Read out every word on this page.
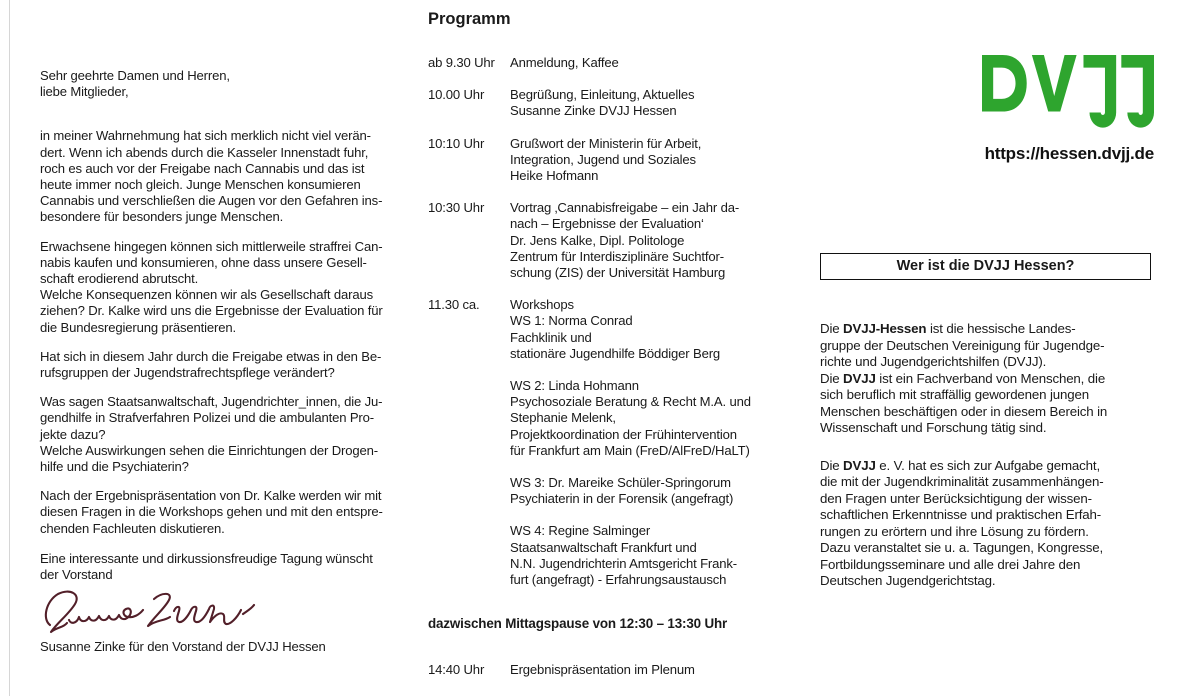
Sehr geehrte Damen und Herren,
liebe Mitglieder,
in meiner Wahrnehmung hat sich merklich nicht viel verän-
dert. Wenn ich abends durch die Kasseler Innenstadt fuhr,
roch es auch vor der Freigabe nach Cannabis und das ist
heute immer noch gleich. Junge Menschen konsumieren
Cannabis und verschließen die Augen vor den Gefahren ins-
besondere für besonders junge Menschen.
Erwachsene hingegen können sich mittlerweile straffrei Can-
nabis kaufen und konsumieren, ohne dass unsere Gesell-
schaft erodierend abrutscht.
Welche Konsequenzen können wir als Gesellschaft daraus
ziehen? Dr. Kalke wird uns die Ergebnisse der Evaluation für
die Bundesregierung präsentieren.
Hat sich in diesem Jahr durch die Freigabe etwas in den Be-
rufsgruppen der Jugendstrafrechtspflege verändert?
Was sagen Staatsanwaltschaft, Jugendrichter_innen, die Ju-
gendhilfe in Strafverfahren Polizei und die ambulanten Pro-
jekte dazu?
Welche Auswirkungen sehen die Einrichtungen der Drogen-
hilfe und die Psychiaterin?
Nach der Ergebnispräsentation von Dr. Kalke werden wir mit
diesen Fragen in die Workshops gehen und mit den entspre-
chenden Fachleuten diskutieren.
Eine interessante und dirkussionsfreudige Tagung wünscht
der Vorstand
Susanne Zinke für den Vorstand der DVJJ Hessen
Programm
ab 9.30 Uhr	Anmeldung, Kaffee
10.00 Uhr	Begrüßung, Einleitung, Aktuelles
Susanne Zinke DVJJ Hessen
10:10 Uhr	Grußwort der Ministerin für Arbeit,
Integration, Jugend und Soziales
Heike Hofmann
10:30 Uhr	Vortrag ‚Cannabisfreigabe – ein Jahr da-
nach – Ergebnisse der Evaluation‘
Dr. Jens Kalke, Dipl. Politologe
Zentrum für Interdisziplinäre Suchtfor-
schung (ZIS) der Universität Hamburg
11.30 ca.	Workshops
WS 1: Norma Conrad
Fachklinik und
stationäre Jugendhilfe Böddiger Berg
WS 2: Linda Hohmann
Psychosoziale Beratung & Recht M.A. und
Stephanie Melenk,
Projektkoordination der Frühintervention
für Frankfurt am Main (FreD/AlFreD/HaLT)
WS 3: Dr. Mareike Schüler-Springorum
Psychiaterin in der Forensik (angefragt)
WS 4: Regine Salminger
Staatsanwaltschaft Frankfurt und
N.N. Jugendrichterin Amtsgericht Frank-
furt (angefragt) - Erfahrungsaustausch
dazwischen Mittagspause von 12:30 – 13:30 Uhr
14:40 Uhr	Ergebnispräsentation im Plenum
https://hessen.dvjj.de
Wer ist die DVJJ Hessen?
Die DVJJ-Hessen ist die hessische Landes-
gruppe der Deutschen Vereinigung für Jugendge-
richte und Jugendgerichtshilfen (DVJJ).
Die DVJJ ist ein Fachverband von Menschen, die
sich beruflich mit straffällig gewordenen jungen
Menschen beschäftigen oder in diesem Bereich in
Wissenschaft und Forschung tätig sind.
Die DVJJ e. V. hat es sich zur Aufgabe gemacht,
die mit der Jugendkriminalität zusammenhängen-
den Fragen unter Berücksichtigung der wissen-
schaftlichen Erkenntnisse und praktischen Erfah-
rungen zu erörtern und ihre Lösung zu fördern.
Dazu veranstaltet sie u. a. Tagungen, Kongresse,
Fortbildungsseminare und alle drei Jahre den
Deutschen Jugendgerichtstag.
